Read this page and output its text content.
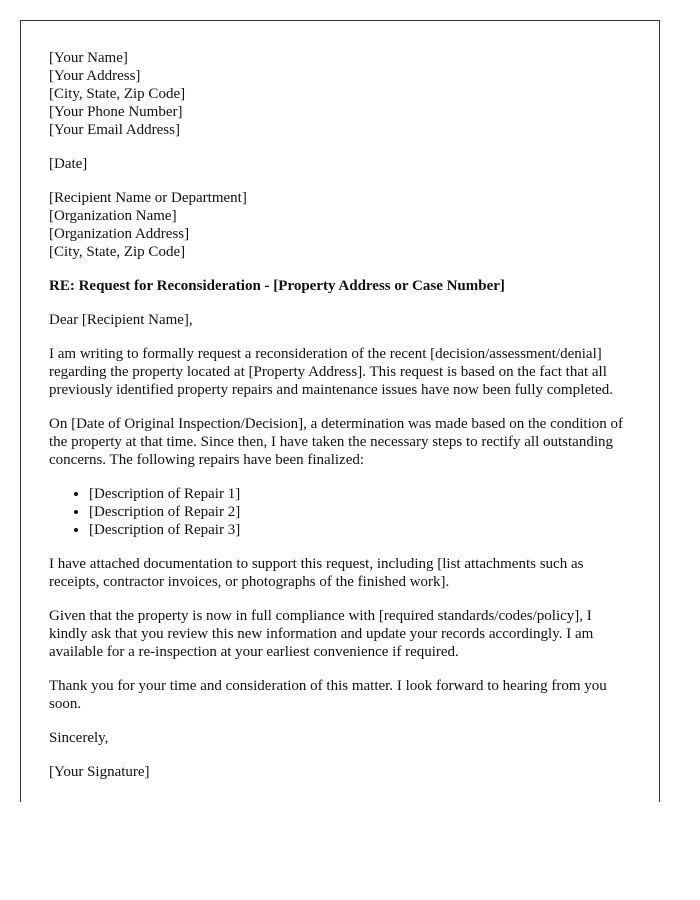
[Your Name]
[Your Address]
[City, State, Zip Code]
[Your Phone Number]
[Your Email Address]

[Date]

[Recipient Name or Department]
[Organization Name]
[Organization Address]
[City, State, Zip Code]

RE: Request for Reconsideration - [Property Address or Case Number]

Dear [Recipient Name],

I am writing to formally request a reconsideration of the recent [decision/assessment/denial] regarding the property located at [Property Address]. This request is based on the fact that all previously identified property repairs and maintenance issues have now been fully completed.

On [Date of Original Inspection/Decision], a determination was made based on the condition of the property at that time. Since then, I have taken the necessary steps to rectify all outstanding concerns. The following repairs have been finalized:

• [Description of Repair 1]
• [Description of Repair 2]
• [Description of Repair 3]

I have attached documentation to support this request, including [list attachments such as receipts, contractor invoices, or photographs of the finished work].

Given that the property is now in full compliance with [required standards/codes/policy], I kindly ask that you review this new information and update your records accordingly. I am available for a re-inspection at your earliest convenience if required.

Thank you for your time and consideration of this matter. I look forward to hearing from you soon.

Sincerely,

[Your Signature]
